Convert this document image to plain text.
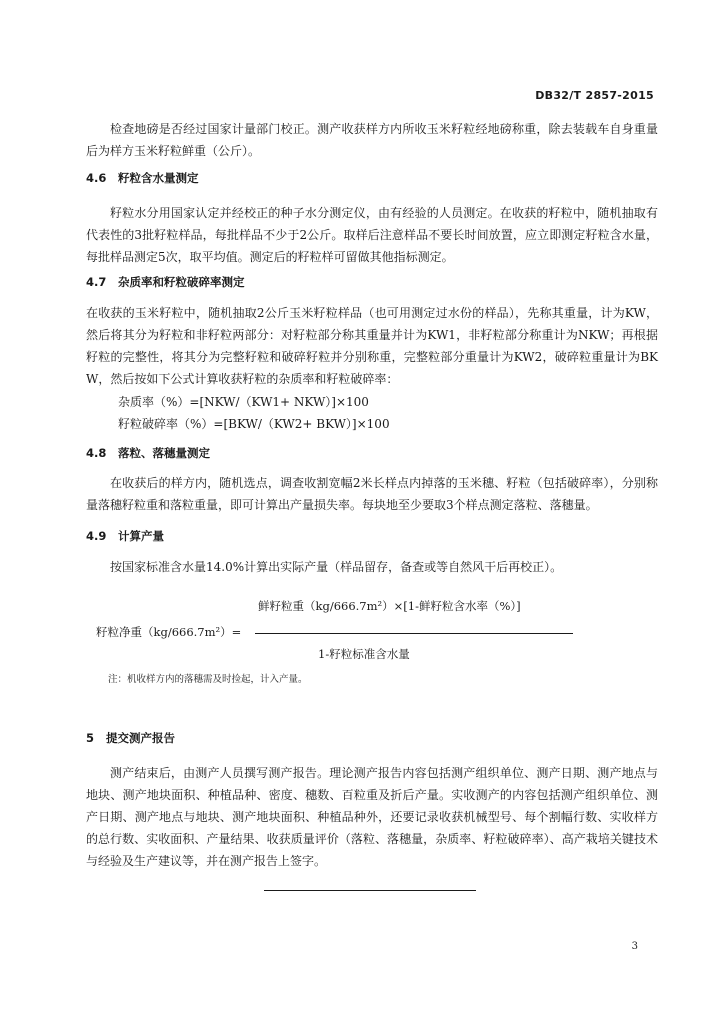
DB32/T 2857-2015

检查地磅是否经过国家计量部门校正。测产收获样方内所收玉米籽粒经地磅称重，除去装载车自身重量后为样方玉米籽粒鲜重（公斤）。

4.6 籽粒含水量测定

籽粒水分用国家认定并经校正的种子水分测定仪，由有经验的人员测定。在收获的籽粒中，随机抽取有代表性的3批籽粒样品，每批样品不少于2公斤。取样后注意样品不要长时间放置，应立即测定籽粒含水量，每批样品测定5次，取平均值。测定后的籽粒样可留做其他指标测定。

4.7 杂质率和籽粒破碎率测定

在收获的玉米籽粒中，随机抽取2公斤玉米籽粒样品（也可用测定过水份的样品），先称其重量，计为KW，然后将其分为籽粒和非籽粒两部分：对籽粒部分称其重量并计为KW1，非籽粒部分称重计为NKW；再根据籽粒的完整性，将其分为完整籽粒和破碎籽粒并分别称重，完整粒部分重量计为KW2，破碎粒重量计为BKW，然后按如下公式计算收获籽粒的杂质率和籽粒破碎率：

杂质率（%）=[NKW/（KW1+ NKW）]×100
籽粒破碎率（%）=[BKW/（KW2+ BKW）]×100
4.8 落粒、落穗量测定

在收获后的样方内，随机选点，调查收割宽幅2米长样点内掉落的玉米穗、籽粒（包括破碎率），分别称量落穗籽粒重和落粒重量，即可计算出产量损失率。每块地至少要取3个样点测定落粒、落穗量。

4.9 计算产量

按国家标准含水量14.0%计算出实际产量（样品留存，备查或等自然风干后再校正）。

鲜籽粒重（kg/666.7m²）×[1-鲜籽粒含水率（%）]
籽粒净重（kg/666.7m²）=
1-籽粒标准含水量
注：机收样方内的落穗需及时捡起，计入产量。
5 提交测产报告

测产结束后，由测产人员撰写测产报告。理论测产报告内容包括测产组织单位、测产日期、测产地点与地块、测产地块面积、种植品种、密度、穗数、百粒重及折后产量。实收测产的内容包括测产组织单位、测产日期、测产地点与地块、测产地块面积、种植品种外，还要记录收获机械型号、每个割幅行数、实收样方的总行数、实收面积、产量结果、收获质量评价（落粒、落穗量，杂质率、籽粒破碎率）、高产栽培关键技术与经验及生产建议等，并在测产报告上签字。

3
